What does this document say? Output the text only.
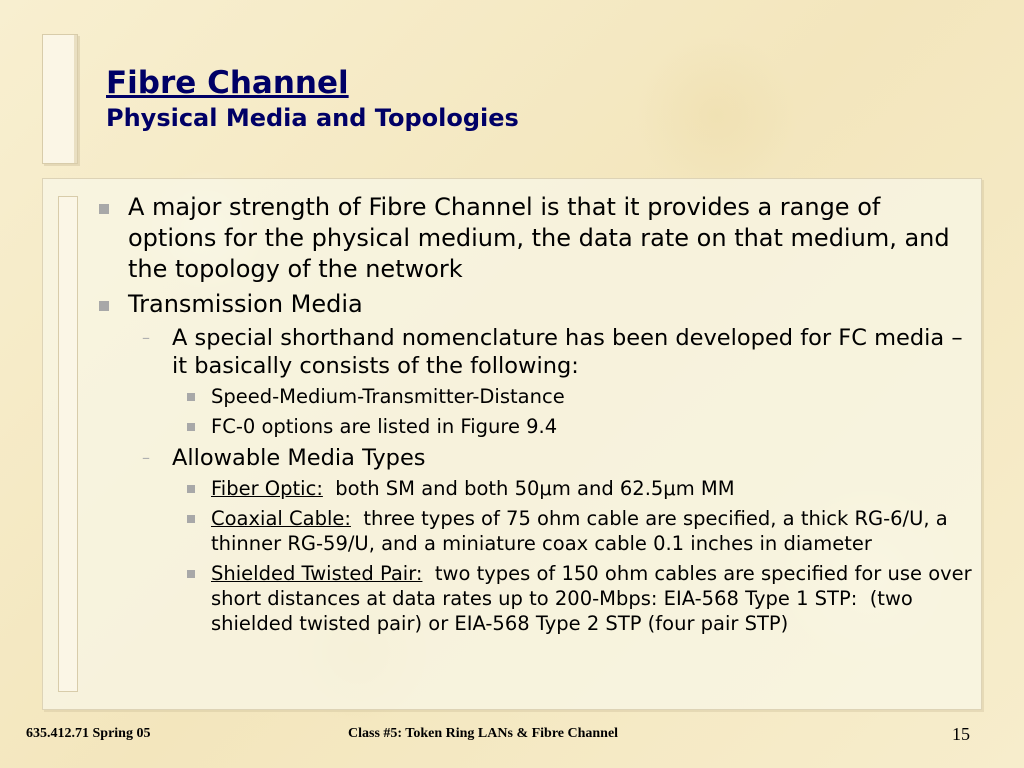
Fibre Channel
Physical Media and Topologies
A major strength of Fibre Channel is that it provides a range of options for the physical medium, the data rate on that medium, and the topology of the network
Transmission Media
– A special shorthand nomenclature has been developed for FC media – it basically consists of the following:
Speed-Medium-Transmitter-Distance
FC-0 options are listed in Figure 9.4
– Allowable Media Types
Fiber Optic:  both SM and both 50μm and 62.5μm MM
Coaxial Cable:  three types of 75 ohm cable are specified, a thick RG-6/U, a thinner RG-59/U, and a miniature coax cable 0.1 inches in diameter
Shielded Twisted Pair:  two types of 150 ohm cables are specified for use over short distances at data rates up to 200-Mbps: EIA-568 Type 1 STP:  (two shielded twisted pair) or EIA-568 Type 2 STP (four pair STP)
635.412.71 Spring 05	Class #5: Token Ring LANs & Fibre Channel	15
